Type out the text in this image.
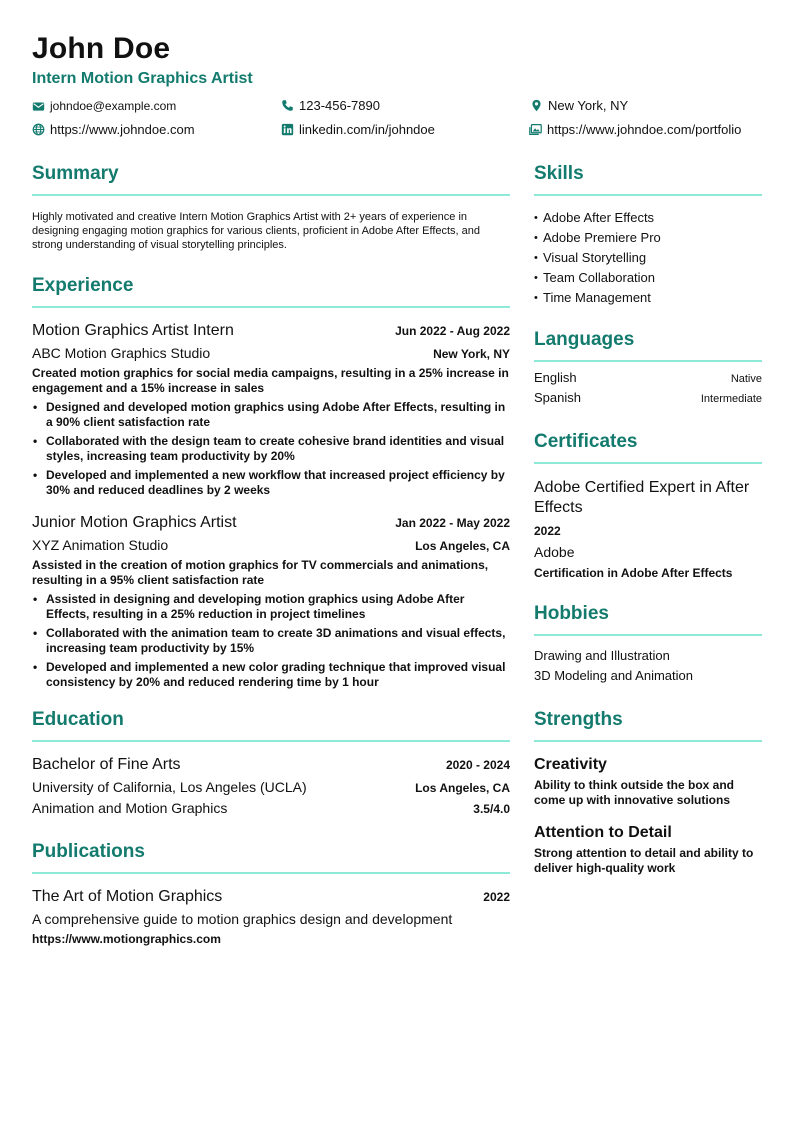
John Doe
Intern Motion Graphics Artist
johndoe@example.com	123-456-7890	New York, NY
https://www.johndoe.com	linkedin.com/in/johndoe	https://www.johndoe.com/portfolio
Summary
Highly motivated and creative Intern Motion Graphics Artist with 2+ years of experience in designing engaging motion graphics for various clients, proficient in Adobe After Effects, and strong understanding of visual storytelling principles.
Experience
Motion Graphics Artist Intern	Jun 2022 - Aug 2022
ABC Motion Graphics Studio	New York, NY
Created motion graphics for social media campaigns, resulting in a 25% increase in engagement and a 15% increase in sales
• Designed and developed motion graphics using Adobe After Effects, resulting in a 90% client satisfaction rate
• Collaborated with the design team to create cohesive brand identities and visual styles, increasing team productivity by 20%
• Developed and implemented a new workflow that increased project efficiency by 30% and reduced deadlines by 2 weeks
Junior Motion Graphics Artist	Jan 2022 - May 2022
XYZ Animation Studio	Los Angeles, CA
Assisted in the creation of motion graphics for TV commercials and animations, resulting in a 95% client satisfaction rate
• Assisted in designing and developing motion graphics using Adobe After Effects, resulting in a 25% reduction in project timelines
• Collaborated with the animation team to create 3D animations and visual effects, increasing team productivity by 15%
• Developed and implemented a new color grading technique that improved visual consistency by 20% and reduced rendering time by 1 hour
Education
Bachelor of Fine Arts	2020 - 2024
University of California, Los Angeles (UCLA)	Los Angeles, CA
Animation and Motion Graphics	3.5/4.0
Publications
The Art of Motion Graphics	2022
A comprehensive guide to motion graphics design and development
https://www.motiongraphics.com
Skills
• Adobe After Effects
• Adobe Premiere Pro
• Visual Storytelling
• Team Collaboration
• Time Management
Languages
English	Native
Spanish	Intermediate
Certificates
Adobe Certified Expert in After Effects
2022
Adobe
Certification in Adobe After Effects
Hobbies
Drawing and Illustration
3D Modeling and Animation
Strengths
Creativity
Ability to think outside the box and come up with innovative solutions
Attention to Detail
Strong attention to detail and ability to deliver high-quality work
